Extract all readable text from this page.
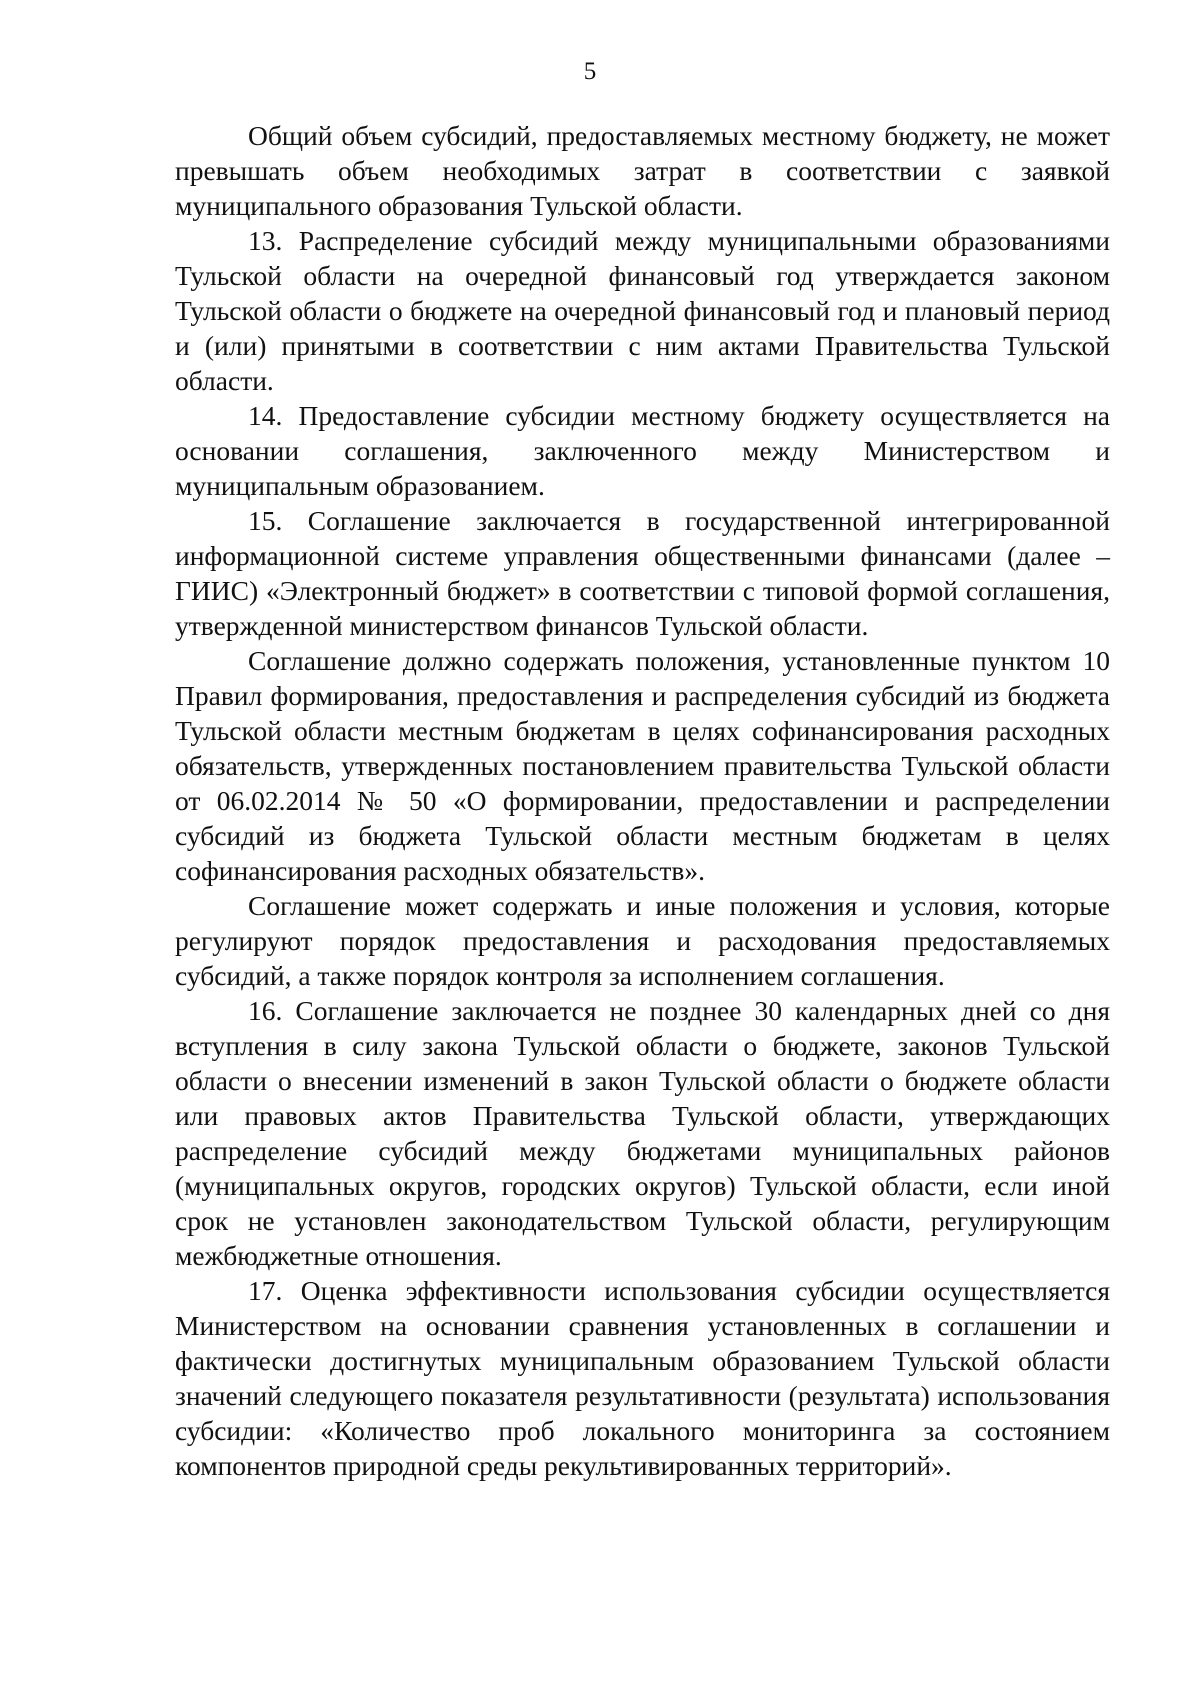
5

Общий объем субсидий, предоставляемых местному бюджету, не может превышать объем необходимых затрат в соответствии с заявкой муниципального образования Тульской области.

13. Распределение субсидий между муниципальными образованиями Тульской области на очередной финансовый год утверждается законом Тульской области о бюджете на очередной финансовый год и плановый период и (или) принятыми в соответствии с ним актами Правительства Тульской области.

14. Предоставление субсидии местному бюджету осуществляется на основании соглашения, заключенного между Министерством и муниципальным образованием.

15. Соглашение заключается в государственной интегрированной информационной системе управления общественными финансами (далее – ГИИС) «Электронный бюджет» в соответствии с типовой формой соглашения, утвержденной министерством финансов Тульской области.

Соглашение должно содержать положения, установленные пунктом 10 Правил формирования, предоставления и распределения субсидий из бюджета Тульской области местным бюджетам в целях софинансирования расходных обязательств, утвержденных постановлением правительства Тульской области от 06.02.2014 № 50 «О формировании, предоставлении и распределении субсидий из бюджета Тульской области местным бюджетам в целях софинансирования расходных обязательств».

Соглашение может содержать и иные положения и условия, которые регулируют порядок предоставления и расходования предоставляемых субсидий, а также порядок контроля за исполнением соглашения.

16. Соглашение заключается не позднее 30 календарных дней со дня вступления в силу закона Тульской области о бюджете, законов Тульской области о внесении изменений в закон Тульской области о бюджете области или правовых актов Правительства Тульской области, утверждающих распределение субсидий между бюджетами муниципальных районов (муниципальных округов, городских округов) Тульской области, если иной срок не установлен законодательством Тульской области, регулирующим межбюджетные отношения.

17. Оценка эффективности использования субсидии осуществляется Министерством на основании сравнения установленных в соглашении и фактически достигнутых муниципальным образованием Тульской области значений следующего показателя результативности (результата) использования субсидии: «Количество проб локального мониторинга за состоянием компонентов природной среды рекультивированных территорий».
